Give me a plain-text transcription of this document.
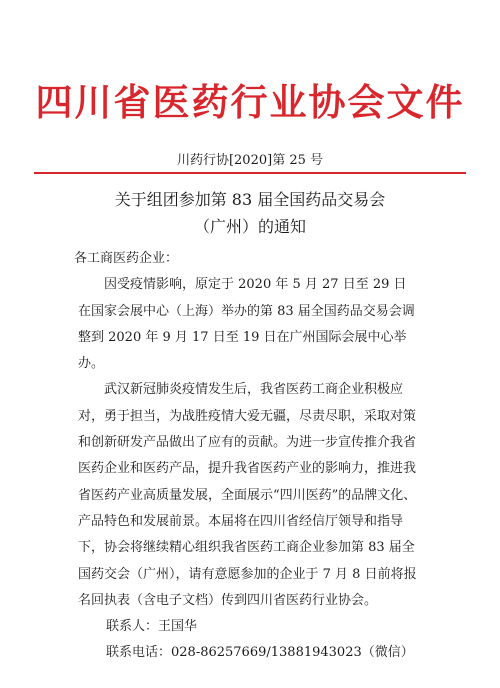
四川省医药行业协会文件
川药行协[2020]第 25 号
关于组团参加第 83 届全国药品交易会
（广州）的通知

各工商医药企业：

因受疫情影响，原定于 2020 年 5 月 27 日至 29 日在国家会展中心（上海）举办的第 83 届全国药品交易会调整到 2020 年 9 月 17 日至 19 日在广州国际会展中心举办。

武汉新冠肺炎疫情发生后，我省医药工商企业积极应对，勇于担当，为战胜疫情大爱无疆，尽责尽职，采取对策和创新研发产品做出了应有的贡献。为进一步宣传推介我省医药企业和医药产品，提升我省医药产业的影响力，推进我省医药产业高质量发展，全面展示“四川医药”的品牌文化、产品特色和发展前景。本届将在四川省经信厅领导和指导下，协会将继续精心组织我省医药工商企业参加第 83 届全国药交会（广州），请有意愿参加的企业于 7 月 8 日前将报名回执表（含电子文档）传到四川省医药行业协会。

联系人：王国华

联系电话：028-86257669/13881943023（微信）
